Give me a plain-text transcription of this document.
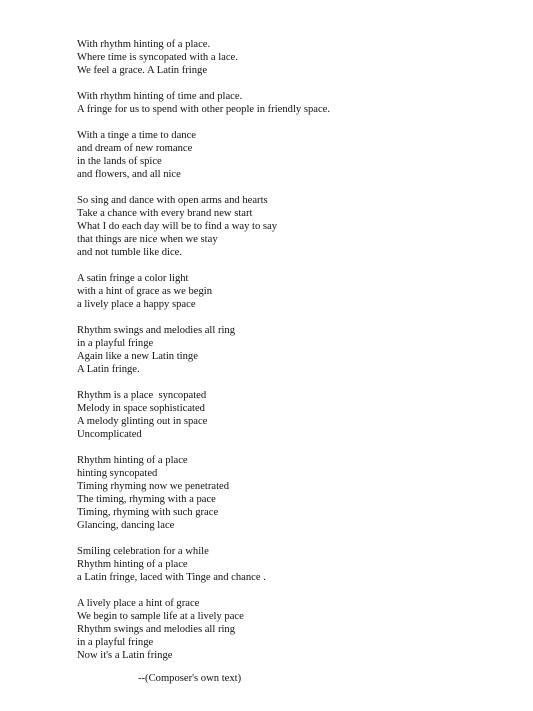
With rhythm hinting of a place.
Where time is syncopated with a lace.
We feel a grace. A Latin fringe
With rhythm hinting of time and place.
A fringe for us to spend with other people in friendly space.
With a tinge a time to dance
and dream of new romance
in the lands of spice
and flowers, and all nice
So sing and dance with open arms and hearts
Take a chance with every brand new start
What I do each day will be to find a way to say
that things are nice when we stay
and not tumble like dice.
A satin fringe a color light
with a hint of grace as we begin
a lively place a happy space
Rhythm swings and melodies all ring
in a playful fringe
Again like a new Latin tinge
A Latin fringe.
Rhythm is a place  syncopated
Melody in space sophisticated
A melody glinting out in space
Uncomplicated
Rhythm hinting of a place
hinting syncopated
Timing rhyming now we penetrated
The timing, rhyming with a pace
Timing, rhyming with such grace
Glancing, dancing lace
Smiling celebration for a while
Rhythm hinting of a place
a Latin fringe, laced with Tinge and chance .
A lively place a hint of grace
We begin to sample life at a lively pace
Rhythm swings and melodies all ring
in a playful fringe
Now it's a Latin fringe
--(Composer's own text)
